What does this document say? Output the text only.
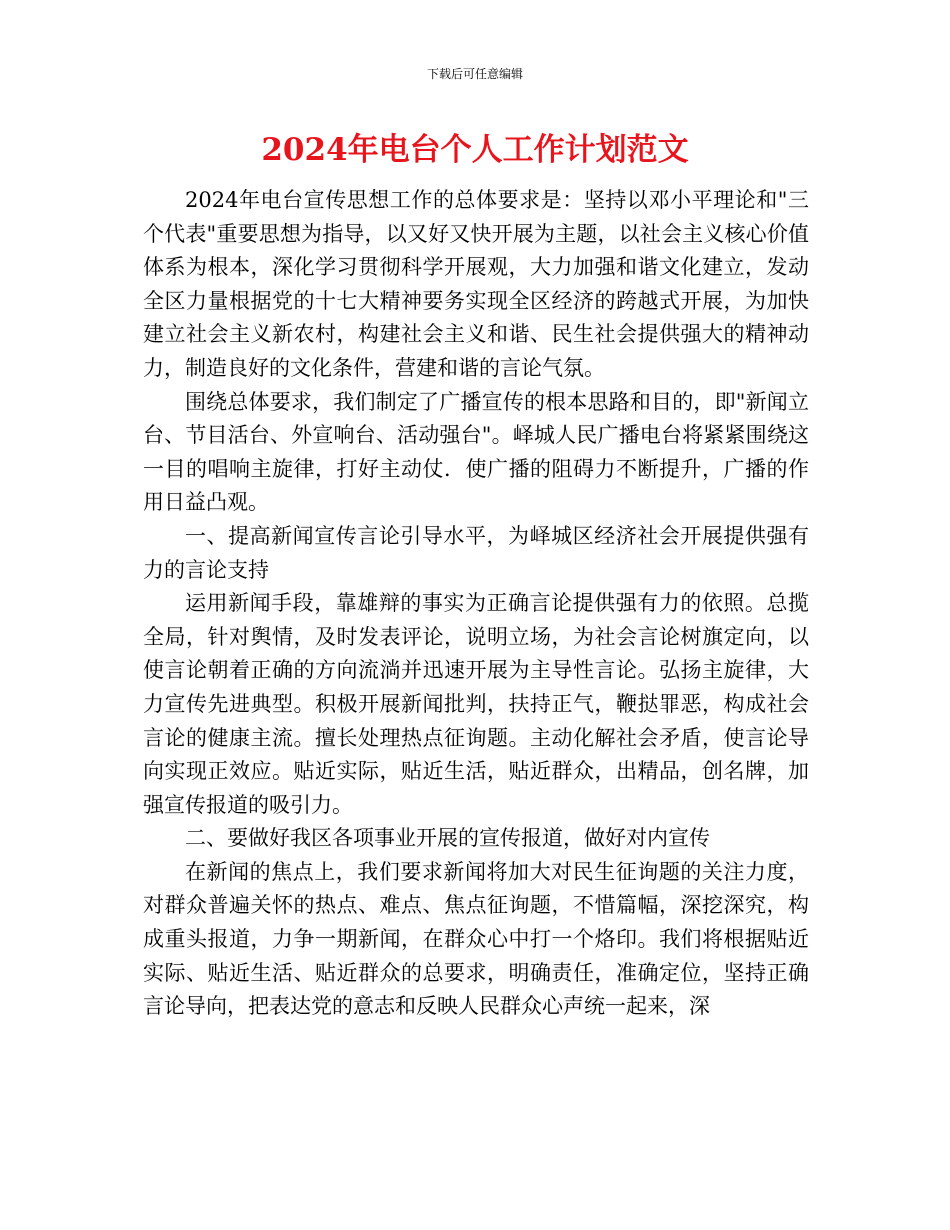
下载后可任意编辑
2024年电台个人工作计划范文

2024年电台宣传思想工作的总体要求是：坚持以邓小平理论和"三个代表"重要思想为指导，以又好又快开展为主题，以社会主义核心价值体系为根本，深化学习贯彻科学开展观，大力加强和谐文化建立，发动全区力量根据党的十七大精神要务实现全区经济的跨越式开展，为加快建立社会主义新农村，构建社会主义和谐、民生社会提供强大的精神动力，制造良好的文化条件，营建和谐的言论气氛。

围绕总体要求，我们制定了广播宣传的根本思路和目的，即"新闻立台、节目活台、外宣响台、活动强台"。峄城人民广播电台将紧紧围绕这一目的唱响主旋律，打好主动仗．使广播的阻碍力不断提升，广播的作用日益凸观。

一、提高新闻宣传言论引导水平，为峄城区经济社会开展提供强有力的言论支持

运用新闻手段，靠雄辩的事实为正确言论提供强有力的依照。总揽全局，针对舆情，及时发表评论，说明立场，为社会言论树旗定向，以使言论朝着正确的方向流淌并迅速开展为主导性言论。弘扬主旋律，大力宣传先进典型。积极开展新闻批判，扶持正气，鞭挞罪恶，构成社会言论的健康主流。擅长处理热点征询题。主动化解社会矛盾，使言论导向实现正效应。贴近实际，贴近生活，贴近群众，出精品，创名牌，加强宣传报道的吸引力。

二、要做好我区各项事业开展的宣传报道，做好对内宣传

在新闻的焦点上，我们要求新闻将加大对民生征询题的关注力度，对群众普遍关怀的热点、难点、焦点征询题，不惜篇幅，深挖深究，构成重头报道，力争一期新闻，在群众心中打一个烙印。我们将根据贴近实际、贴近生活、贴近群众的总要求，明确责任，准确定位，坚持正确言论导向，把表达党的意志和反映人民群众心声统一起来，深
